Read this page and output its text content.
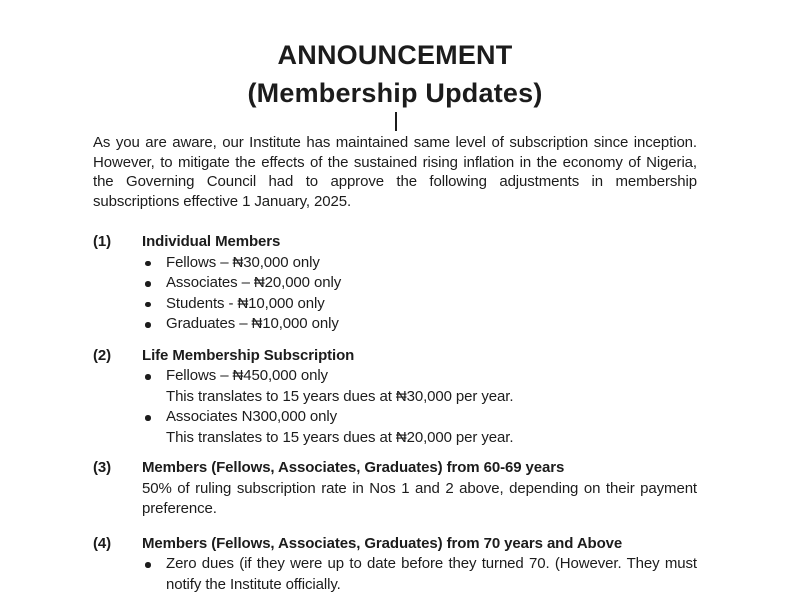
ANNOUNCEMENT
(Membership Updates)

As you are aware, our Institute has maintained same level of subscription since inception. However, to mitigate the effects of the sustained rising inflation in the economy of Nigeria, the Governing Council had to approve the following adjustments in membership subscriptions effective 1 January, 2025.

(1)	Individual Members
Fellows – ₦30,000 only
Associates – ₦20,000 only
Students - ₦10,000 only
Graduates – ₦10,000 only
(2)	Life Membership Subscription
Fellows – ₦450,000 only
This translates to 15 years dues at ₦30,000 per year.
Associates N300,000 only
This translates to 15 years dues at ₦20,000 per year.
(3)	Members (Fellows, Associates, Graduates) from 60-69 years
50% of ruling subscription rate in Nos 1 and 2 above, depending on their payment preference.
(4)	Members (Fellows, Associates, Graduates) from 70 years and Above
Zero dues (if they were up to date before they turned 70. (However. They must notify the Institute officially.
